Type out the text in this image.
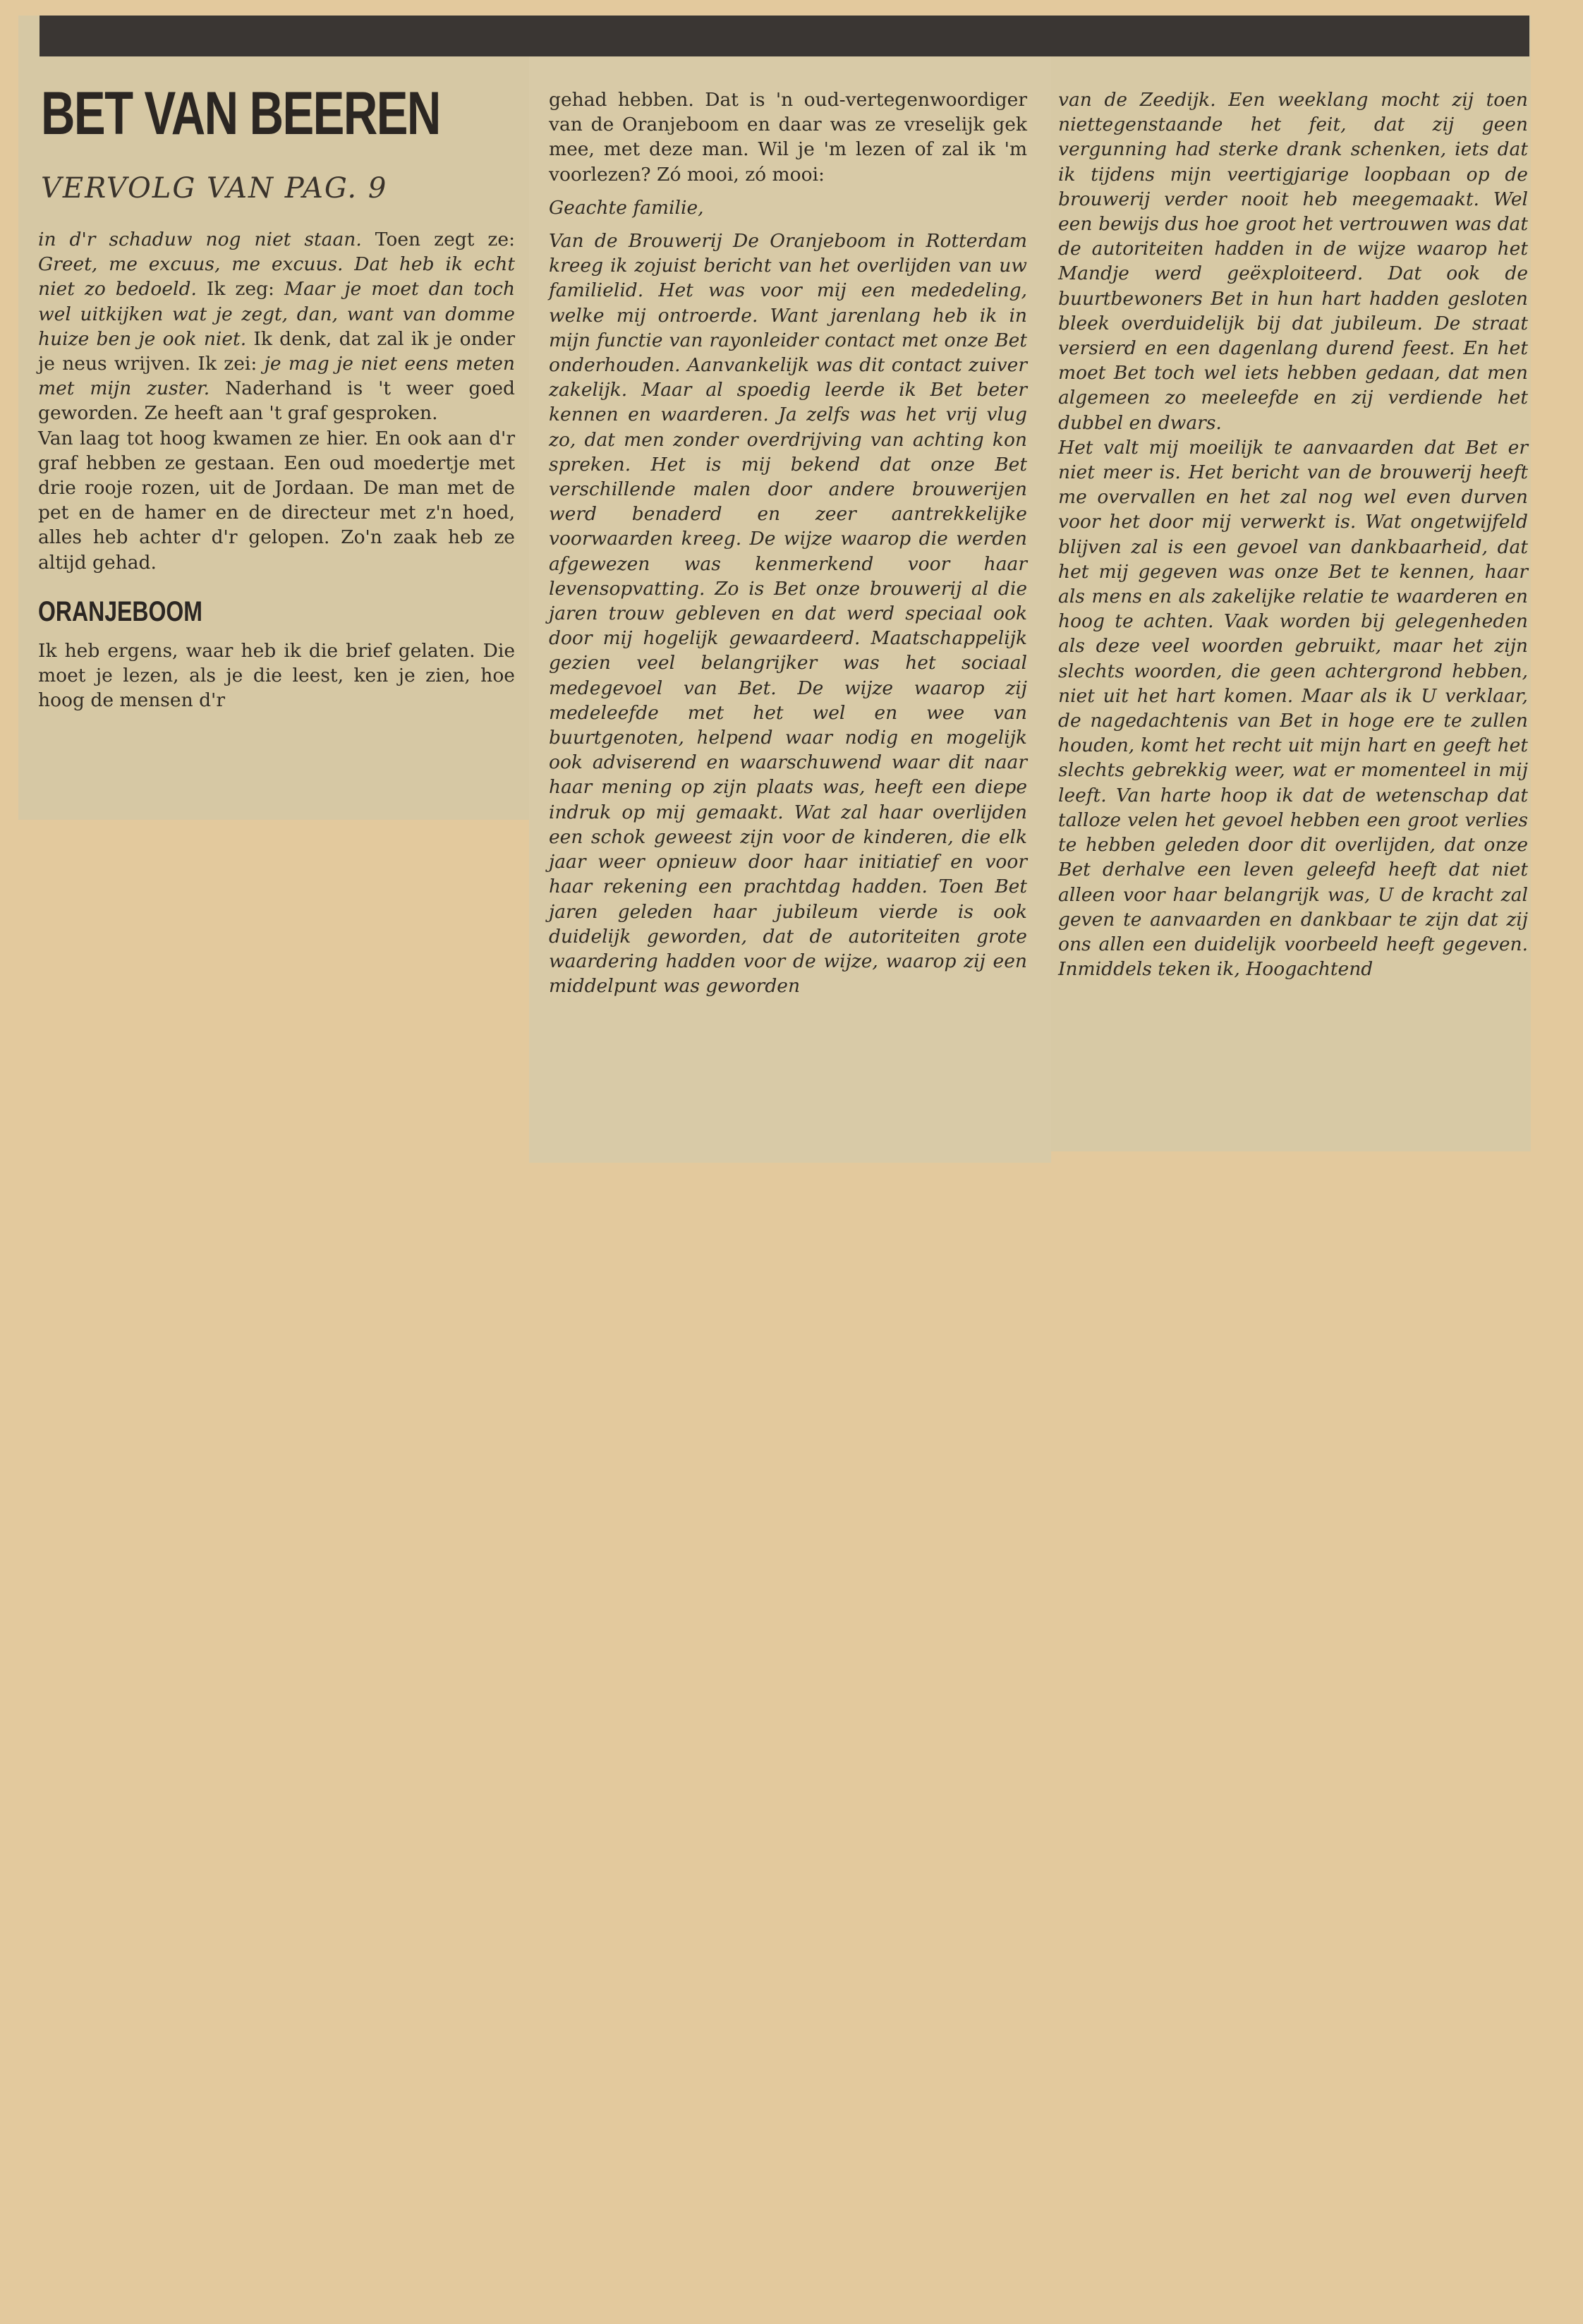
BET VAN BEEREN
VERVOLG VAN PAG. 9

in d'r schaduw nog niet staan. Toen zegt ze: Greet, me excuus, me excuus. Dat heb ik echt niet zo bedoeld. Ik zeg: Maar je moet dan toch wel uitkijken wat je zegt, dan, want van domme huize ben je ook niet. Ik denk, dat zal ik je onder je neus wrijven. Ik zei: je mag je niet eens meten met mijn zuster. Naderhand is 't weer goed geworden. Ze heeft aan 't graf gesproken.

Van laag tot hoog kwamen ze hier. En ook aan d'r graf hebben ze gestaan. Een oud moedertje met drie rooje rozen, uit de Jordaan. De man met de pet en de hamer en de directeur met z'n hoed, alles heb achter d'r gelopen. Zo'n zaak heb ze altijd gehad.

ORANJEBOOM

Ik heb ergens, waar heb ik die brief gelaten. Die moet je lezen, als je die leest, ken je zien, hoe hoog de mensen d'r

gehad hebben. Dat is 'n oud-vertegenwoordiger van de Oranjeboom en daar was ze vreselijk gek mee, met deze man. Wil je 'm lezen of zal ik 'm voorlezen? Zó mooi, zó mooi:

Geachte familie,

Van de Brouwerij De Oranjeboom in Rotterdam kreeg ik zojuist bericht van het overlijden van uw familielid. Het was voor mij een mededeling, welke mij ontroerde. Want jarenlang heb ik in mijn functie van rayonleider contact met onze Bet onderhouden. Aanvankelijk was dit contact zuiver zakelijk. Maar al spoedig leerde ik Bet beter kennen en waarderen. Ja zelfs was het vrij vlug zo, dat men zonder overdrijving van achting kon spreken. Het is mij bekend dat onze Bet verschillende malen door andere brouwerijen werd benaderd en zeer aantrekkelijke voorwaarden kreeg. De wijze waarop die werden afgewezen was kenmerkend voor haar levensopvatting. Zo is Bet onze brouwerij al die jaren trouw gebleven en dat werd speciaal ook door mij hogelijk gewaardeerd. Maatschappelijk gezien veel belangrijker was het sociaal medegevoel van Bet. De wijze waarop zij medeleefde met het wel en wee van buurtgenoten, helpend waar nodig en mogelijk ook adviserend en waarschuwend waar dit naar haar mening op zijn plaats was, heeft een diepe indruk op mij gemaakt. Wat zal haar overlijden een schok geweest zijn voor de kinderen, die elk jaar weer opnieuw door haar initiatief en voor haar rekening een prachtdag hadden. Toen Bet jaren geleden haar jubileum vierde is ook duidelijk geworden, dat de autoriteiten grote waardering hadden voor de wijze, waarop zij een middelpunt was geworden

van de Zeedijk. Een weeklang mocht zij toen niettegenstaande het feit, dat zij geen vergunning had sterke drank schenken, iets dat ik tijdens mijn veertigjarige loopbaan op de brouwerij verder nooit heb meegemaakt. Wel een bewijs dus hoe groot het vertrouwen was dat de autoriteiten hadden in de wijze waarop het Mandje werd geëxploiteerd. Dat ook de buurtbewoners Bet in hun hart hadden gesloten bleek overduidelijk bij dat jubileum. De straat versierd en een dagenlang durend feest. En het moet Bet toch wel iets hebben gedaan, dat men algemeen zo meeleefde en zij verdiende het dubbel en dwars.

Het valt mij moeilijk te aanvaarden dat Bet er niet meer is. Het bericht van de brouwerij heeft me overvallen en het zal nog wel even durven voor het door mij verwerkt is. Wat ongetwijfeld blijven zal is een gevoel van dankbaarheid, dat het mij gegeven was onze Bet te kennen, haar als mens en als zakelijke relatie te waarderen en hoog te achten. Vaak worden bij gelegenheden als deze veel woorden gebruikt, maar het zijn slechts woorden, die geen achtergrond hebben, niet uit het hart komen. Maar als ik U verklaar, de nagedachtenis van Bet in hoge ere te zullen houden, komt het recht uit mijn hart en geeft het slechts gebrekkig weer, wat er momenteel in mij leeft. Van harte hoop ik dat de wetenschap dat talloze velen het gevoel hebben een groot verlies te hebben geleden door dit overlijden, dat onze Bet derhalve een leven geleefd heeft dat niet alleen voor haar belangrijk was, U de kracht zal geven te aanvaarden en dankbaar te zijn dat zij ons allen een duidelijk voorbeeld heeft gegeven. Inmiddels teken ik, Hoogachtend
